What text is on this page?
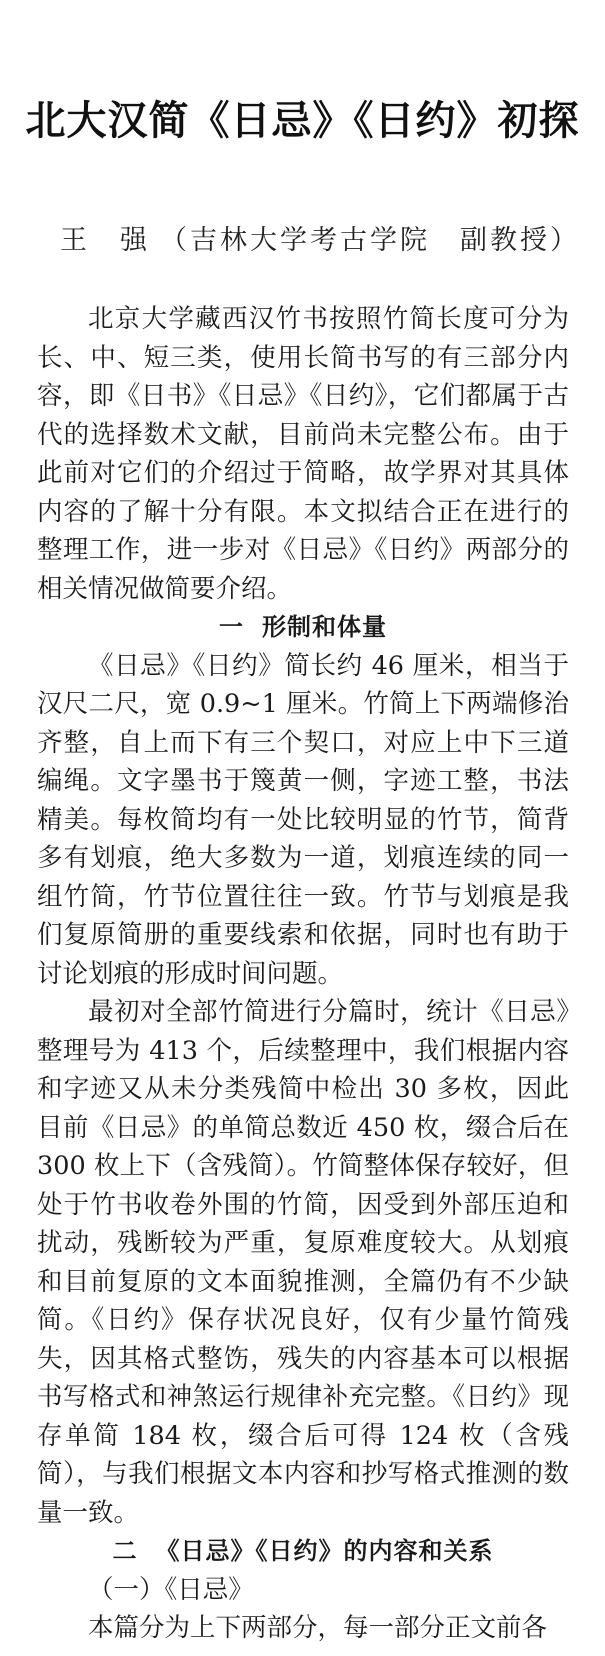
北大汉简《日忌》《日约》初探
王　强 （吉林大学考古学院　副教授）

北京大学藏西汉竹书按照竹简长度可分为长、中、短三类，使用长简书写的有三部分内容，即《日书》《日忌》《日约》，它们都属于古代的选择数术文献，目前尚未完整公布。由于此前对它们的介绍过于简略，故学界对其具体内容的了解十分有限。本文拟结合正在进行的整理工作，进一步对《日忌》《日约》两部分的相关情况做简要介绍。

一 形制和体量

《日忌》《日约》简长约 46 厘米，相当于汉尺二尺，宽 0.9~1 厘米。竹简上下两端修治齐整，自上而下有三个契口，对应上中下三道编绳。文字墨书于篾黄一侧，字迹工整，书法精美。每枚简均有一处比较明显的竹节，简背多有划痕，绝大多数为一道，划痕连续的同一组竹简，竹节位置往往一致。竹节与划痕是我们复原简册的重要线索和依据，同时也有助于讨论划痕的形成时间问题。

最初对全部竹简进行分篇时，统计《日忌》整理号为 413 个，后续整理中，我们根据内容和字迹又从未分类残简中检出 30 多枚，因此目前《日忌》的单简总数近 450 枚，缀合后在 300 枚上下（含残简）。竹简整体保存较好，但处于竹书收卷外围的竹简，因受到外部压迫和扰动，残断较为严重，复原难度较大。从划痕和目前复原的文本面貌推测，全篇仍有不少缺简。《日约》保存状况良好，仅有少量竹简残失，因其格式整饬，残失的内容基本可以根据书写格式和神煞运行规律补充完整。《日约》现存单简 184 枚，缀合后可得 124 枚（含残简），与我们根据文本内容和抄写格式推测的数量一致。

二 《日忌》《日约》的内容和关系

（一）《日忌》

本篇分为上下两部分，每一部分正文前各
